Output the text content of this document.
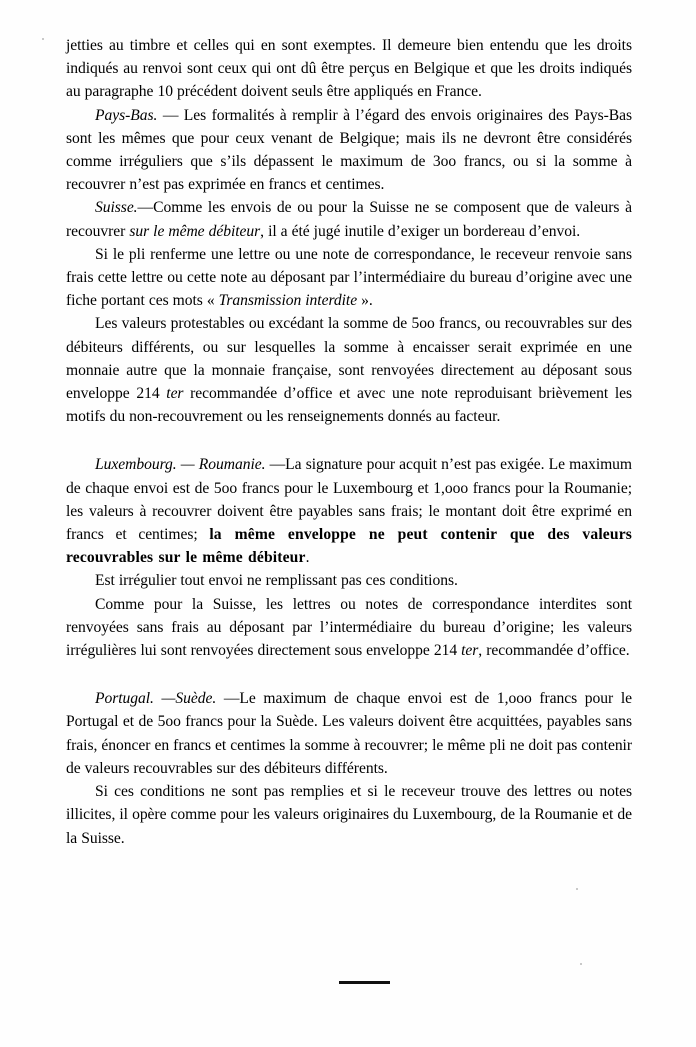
jetties au timbre et celles qui en sont exemptes. Il demeure bien entendu que les droits indiqués au renvoi sont ceux qui ont dû être perçus en Belgique et que les droits indiqués au paragraphe 10 précédent doivent seuls être appliqués en France.

Pays-Bas. — Les formalités à remplir à l’égard des envois originaires des Pays-Bas sont les mêmes que pour ceux venant de Belgique; mais ils ne devront être considérés comme irréguliers que s’ils dépassent le maximum de 3oo francs, ou si la somme à recouvrer n’est pas exprimée en francs et centimes.

Suisse.—Comme les envois de ou pour la Suisse ne se composent que de valeurs à recouvrer sur le même débiteur, il a été jugé inutile d’exiger un bordereau d’envoi.

Si le pli renferme une lettre ou une note de correspondance, le receveur renvoie sans frais cette lettre ou cette note au déposant par l’intermédiaire du bureau d’origine avec une fiche portant ces mots « Transmission interdite ».

Les valeurs protestables ou excédant la somme de 5oo francs, ou recouvrables sur des débiteurs différents, ou sur lesquelles la somme à encaisser serait exprimée en une monnaie autre que la monnaie française, sont renvoyées directement au déposant sous enveloppe 214 ter recommandée d’office et avec une note reproduisant brièvement les motifs du non-recouvrement ou les renseignements donnés au facteur.

Luxembourg. — Roumanie. —La signature pour acquit n’est pas exigée. Le maximum de chaque envoi est de 5oo francs pour le Luxembourg et 1,ooo francs pour la Roumanie; les valeurs à recouvrer doivent être payables sans frais; le montant doit être exprimé en francs et centimes; la même enveloppe ne peut contenir que des valeurs recouvrables sur le même débiteur.

Est irrégulier tout envoi ne remplissant pas ces conditions.

Comme pour la Suisse, les lettres ou notes de correspondance interdites sont renvoyées sans frais au déposant par l’intermédiaire du bureau d’origine; les valeurs irrégulières lui sont renvoyées directement sous enveloppe 214 ter, recommandée d’office.

Portugal. —Suède. —Le maximum de chaque envoi est de 1,ooo francs pour le Portugal et de 5oo francs pour la Suède. Les valeurs doivent être acquittées, payables sans frais, énoncer en francs et centimes la somme à recouvrer; le même pli ne doit pas contenir de valeurs recouvrables sur des débiteurs différents.

Si ces conditions ne sont pas remplies et si le receveur trouve des lettres ou notes illicites, il opère comme pour les valeurs originaires du Luxembourg, de la Roumanie et de la Suisse.
